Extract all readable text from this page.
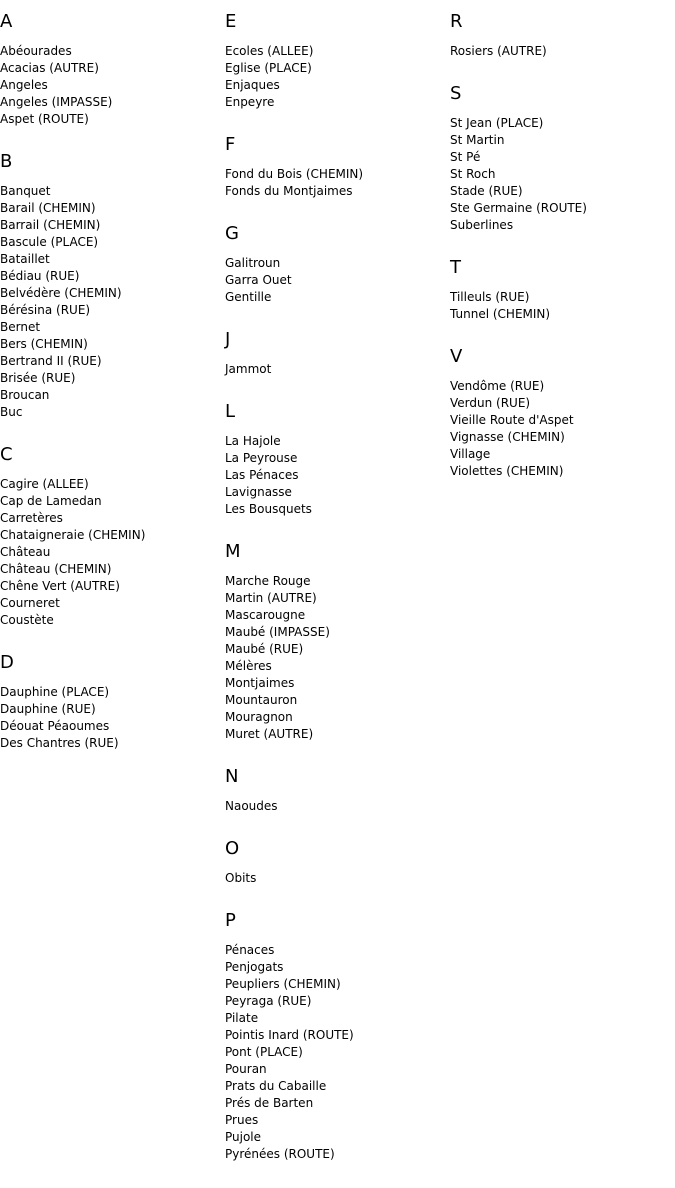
A
Abéourades
Acacias (AUTRE)
Angeles
Angeles (IMPASSE)
Aspet (ROUTE)
B
Banquet
Barail (CHEMIN)
Barrail (CHEMIN)
Bascule (PLACE)
Bataillet
Bédiau (RUE)
Belvédère (CHEMIN)
Bérésina (RUE)
Bernet
Bers (CHEMIN)
Bertrand II (RUE)
Brisée (RUE)
Broucan
Buc
C
Cagire (ALLEE)
Cap de Lamedan
Carretères
Chataigneraie (CHEMIN)
Château
Château (CHEMIN)
Chêne Vert (AUTRE)
Courneret
Coustète
D
Dauphine (PLACE)
Dauphine (RUE)
Déouat Péaoumes
Des Chantres (RUE)
E
Ecoles (ALLEE)
Eglise (PLACE)
Enjaques
Enpeyre
F
Fond du Bois (CHEMIN)
Fonds du Montjaimes
G
Galitroun
Garra Ouet
Gentille
J
Jammot
L
La Hajole
La Peyrouse
Las Pénaces
Lavignasse
Les Bousquets
M
Marche Rouge
Martin (AUTRE)
Mascarougne
Maubé (IMPASSE)
Maubé (RUE)
Mélères
Montjaimes
Mountauron
Mouragnon
Muret (AUTRE)
N
Naoudes
O
Obits
P
Pénaces
Penjogats
Peupliers (CHEMIN)
Peyraga (RUE)
Pilate
Pointis Inard (ROUTE)
Pont (PLACE)
Pouran
Prats du Cabaille
Prés de Barten
Prues
Pujole
Pyrénées (ROUTE)
R
Rosiers (AUTRE)
S
St Jean (PLACE)
St Martin
St Pé
St Roch
Stade (RUE)
Ste Germaine (ROUTE)
Suberlines
T
Tilleuls (RUE)
Tunnel (CHEMIN)
V
Vendôme (RUE)
Verdun (RUE)
Vieille Route d'Aspet
Vignasse (CHEMIN)
Village
Violettes (CHEMIN)
